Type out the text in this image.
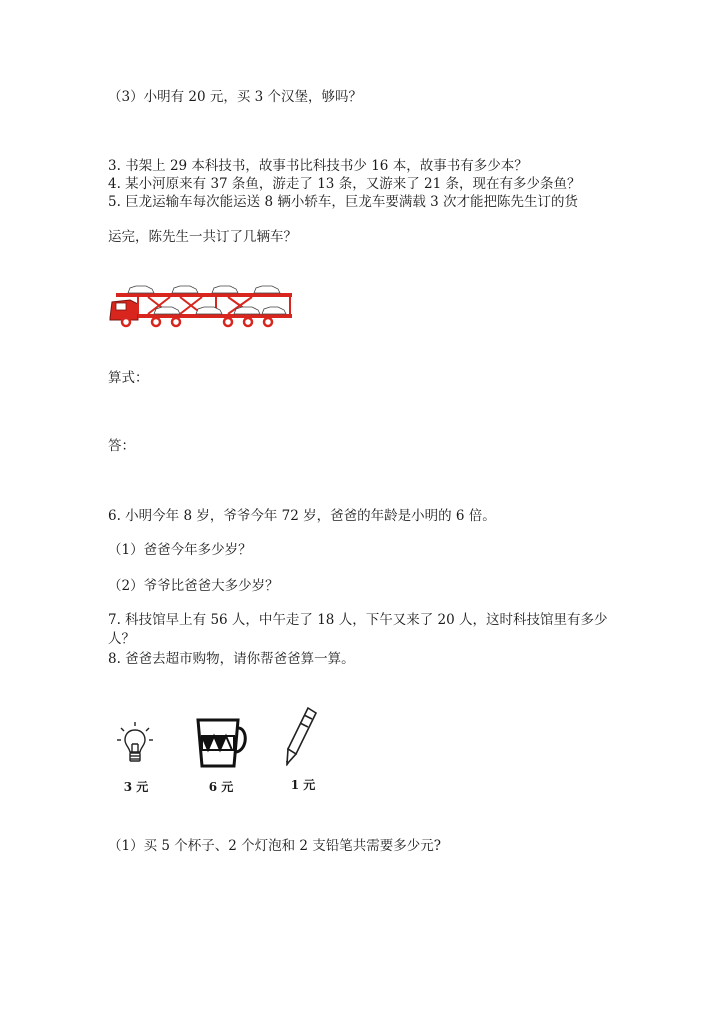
（3）小明有 20 元，买 3 个汉堡，够吗？
3. 书架上 29 本科技书，故事书比科技书少 16 本，故事书有多少本？
4. 某小河原来有 37 条鱼，游走了 13 条，又游来了 21 条，现在有多少条鱼？
5. 巨龙运输车每次能运送 8 辆小轿车，巨龙车要满载 3 次才能把陈先生订的货
运完，陈先生一共订了几辆车？
算式：
答：
6. 小明今年 8 岁，爷爷今年 72 岁，爸爸的年龄是小明的 6 倍。
（1）爸爸今年多少岁？
（2）爷爷比爸爸大多少岁？
7. 科技馆早上有 56 人，中午走了 18 人，下午又来了 20 人，这时科技馆里有多少人？
8. 爸爸去超市购物，请你帮爸爸算一算。
3 元	6 元	1 元
（1）买 5 个杯子、2 个灯泡和 2 支铅笔共需要多少元?
